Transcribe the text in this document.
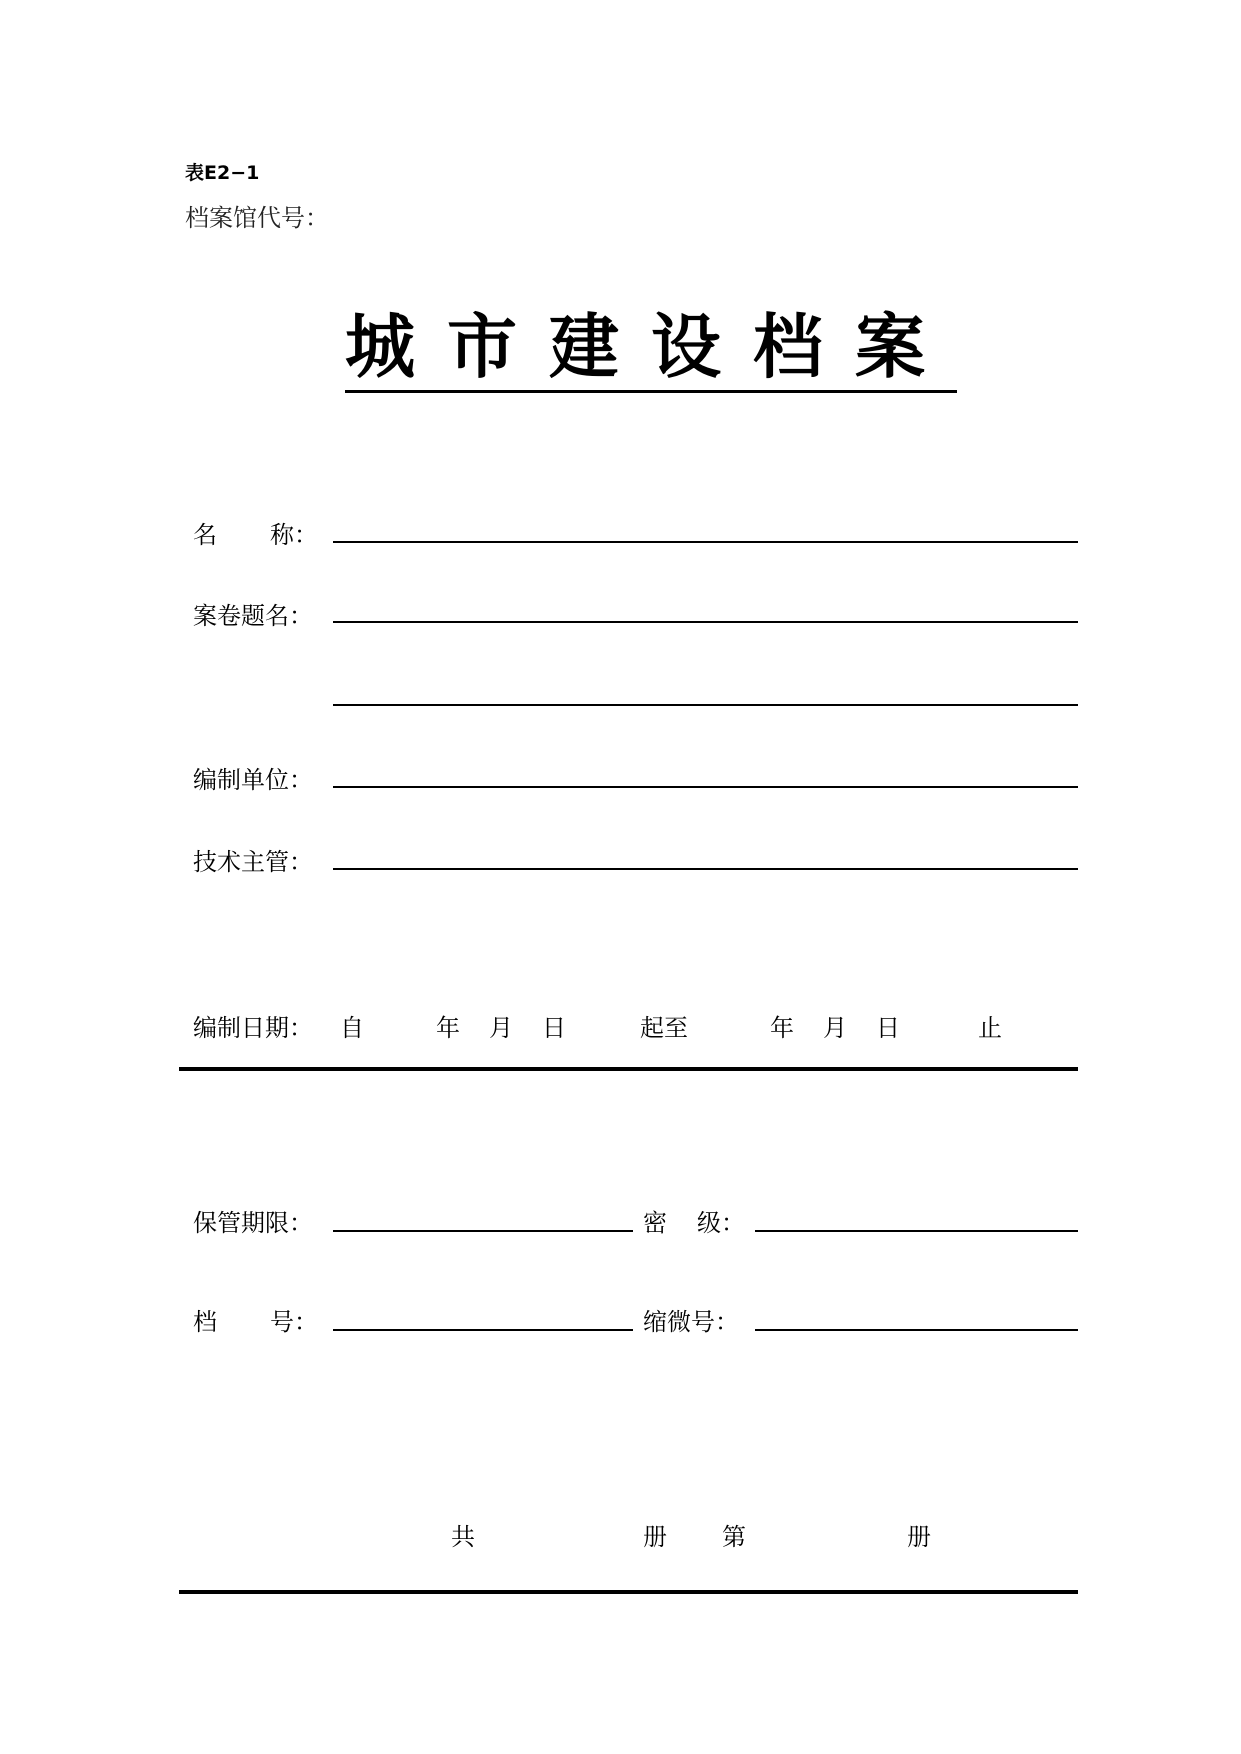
表E2−1
档案馆代号：
城市建设档案
名 称：
案卷题名：
编制单位：
技术主管：
编制日期： 自	年 月 日	起至	年 月 日	止
保管期限：	密 级：
档 号：	缩微号：
共	册 第	册
